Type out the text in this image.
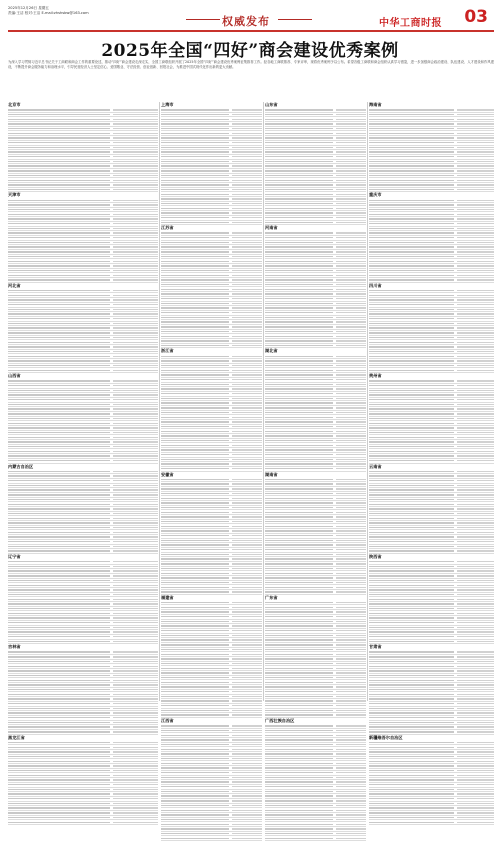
2025年12月26日 星期五
责编:王洁 校对:王洁 E-mail:zhshsbw@163.com
权威发布	中华工商时报 03
2025年全国“四好”商会建设优秀案例
为深入学习贯彻习近平总书记关于工商联和商会工作的重要论述，推动“四好”商会建设走深走实，全国工商联组织开展了2025年全国“四好”商会建设优秀案例征集推荐工作。经各地工商联推荐、专家评审，现将优秀案例予以公布。希望各级工商联和商会组织认真学习借鉴，进一步加强商会政治建设、队伍建设、人才建设和作风建设，不断提升商会服务能力和治理水平，引导民营经济人士坚定信心、爱国敬业、守法经营、创业创新、回报社会，为推进中国式现代化作出新的更大贡献。
北京市
天津市
河北省
山西省
内蒙古自治区
辽宁省
吉林省
黑龙江省
上海市
江苏省
浙江省
安徽省
福建省
江西省
山东省
河南省
湖北省
湖南省
广东省
广西壮族自治区
海南省
重庆市
四川省
贵州省
云南省
陕西省
甘肃省
新疆维吾尔自治区
